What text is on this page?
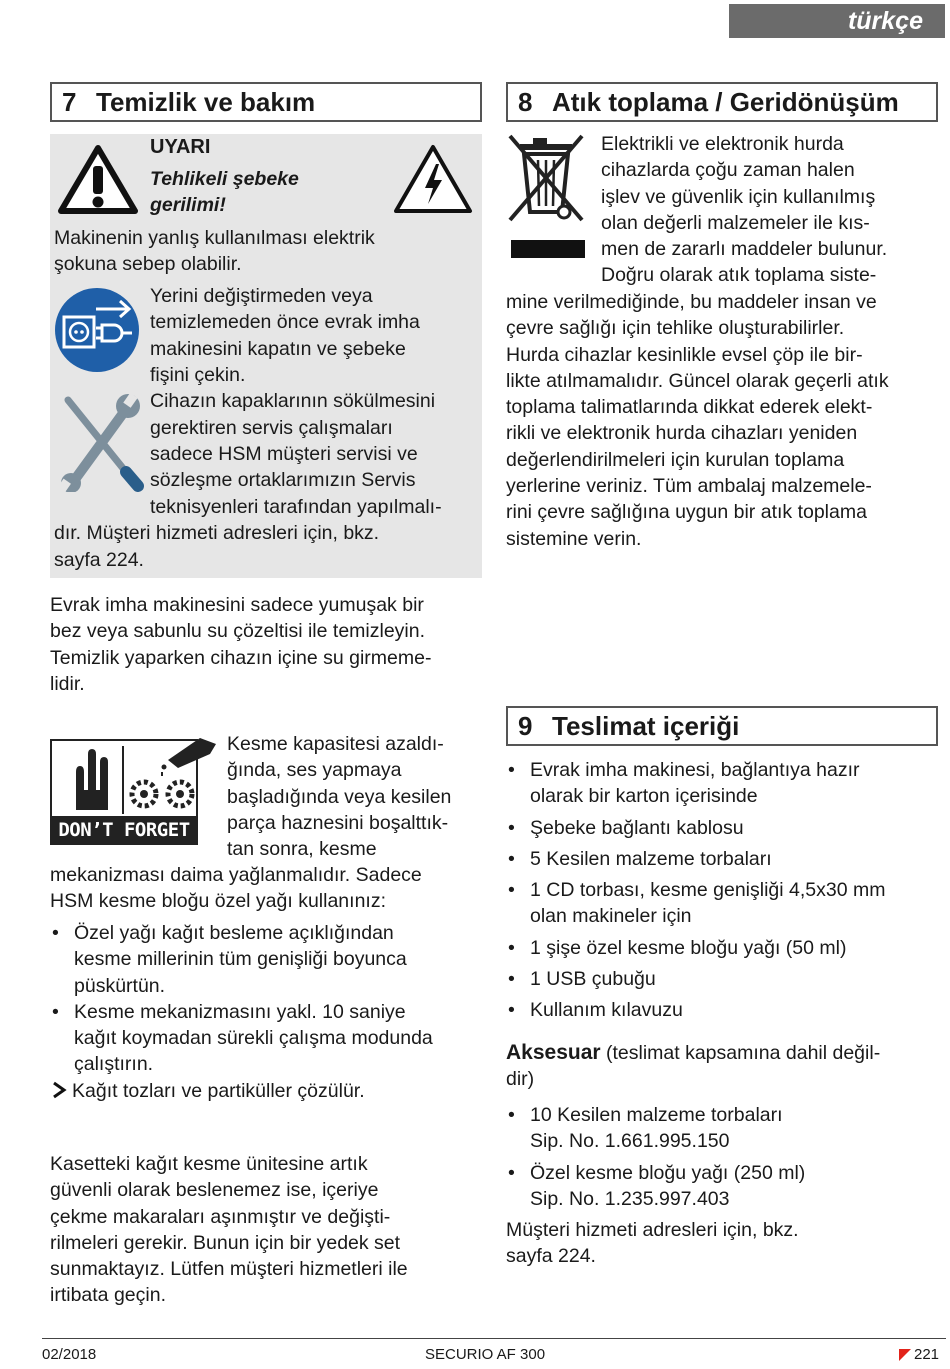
türkçe
7 Temizlik ve bakım
UYARI
Tehlikeli şebeke
gerilimi!
Makinenin yanlış kullanılması elektrik
şokuna sebep olabilir.
Yerini değiştirmeden veya
temizlemeden önce evrak imha
makinesini kapatın ve şebeke
fişini çekin.
Cihazın kapaklarının sökülmesini
gerektiren servis çalışmaları
sadece HSM müşteri servisi ve
sözleşme ortaklarımızın Servis
teknisyenleri tarafından yapılmalı-
dır. Müşteri hizmeti adresleri için, bkz.
sayfa 224.
Evrak imha makinesini sadece yumuşak bir
bez veya sabunlu su çözeltisi ile temizleyin.
Temizlik yaparken cihazın içine su girmeme-
lidir.
DON’T FORGET
Kesme kapasitesi azaldı-
ğında, ses yapmaya
başladığında veya kesilen
parça haznesini boşalttık-
tan sonra, kesme
mekanizması daima yağlanmalıdır. Sadece
HSM kesme bloğu özel yağı kullanınız:
• Özel yağı kağıt besleme açıklığından
kesme millerinin tüm genişliği boyunca
püskürtün.
• Kesme mekanizmasını yakl. 10 saniye
kağıt koymadan sürekli çalışma modunda
çalıştırın.
Kağıt tozları ve partiküller çözülür.
Kasetteki kağıt kesme ünitesine artık
güvenli olarak beslenemez ise, içeriye
çekme makaraları aşınmıştır ve değişti-
rilmeleri gerekir. Bunun için bir yedek set
sunmaktayız. Lütfen müşteri hizmetleri ile
irtibata geçin.
8 Atık toplama / Geridönüşüm
Elektrikli ve elektronik hurda
cihazlarda çoğu zaman halen
işlev ve güvenlik için kullanılmış
olan değerli malzemeler ile kıs-
men de zararlı maddeler bulunur.
Doğru olarak atık toplama siste-
mine verilmediğinde, bu maddeler insan ve
çevre sağlığı için tehlike oluşturabilirler.
Hurda cihazlar kesinlikle evsel çöp ile bir-
likte atılmamalıdır. Güncel olarak geçerli atık
toplama talimatlarında dikkat ederek elekt-
rikli ve elektronik hurda cihazları yeniden
değerlendirilmeleri için kurulan toplama
yerlerine veriniz. Tüm ambalaj malzemele-
rini çevre sağlığına uygun bir atık toplama
sistemine verin.
9 Teslimat içeriği
• Evrak imha makinesi, bağlantıya hazır
olarak bir karton içerisinde
• Şebeke bağlantı kablosu
• 5 Kesilen malzeme torbaları
• 1 CD torbası, kesme genişliği 4,5x30 mm
olan makineler için
• 1 şişe özel kesme bloğu yağı (50 ml)
• 1 USB çubuğu
• Kullanım kılavuzu
Aksesuar (teslimat kapsamına dahil değil-
dir)
• 10 Kesilen malzeme torbaları
Sip. No. 1.661.995.150
• Özel kesme bloğu yağı (250 ml)
Sip. No. 1.235.997.403
Müşteri hizmeti adresleri için, bkz.
sayfa 224.
02/2018	SECURIO AF 300	221
